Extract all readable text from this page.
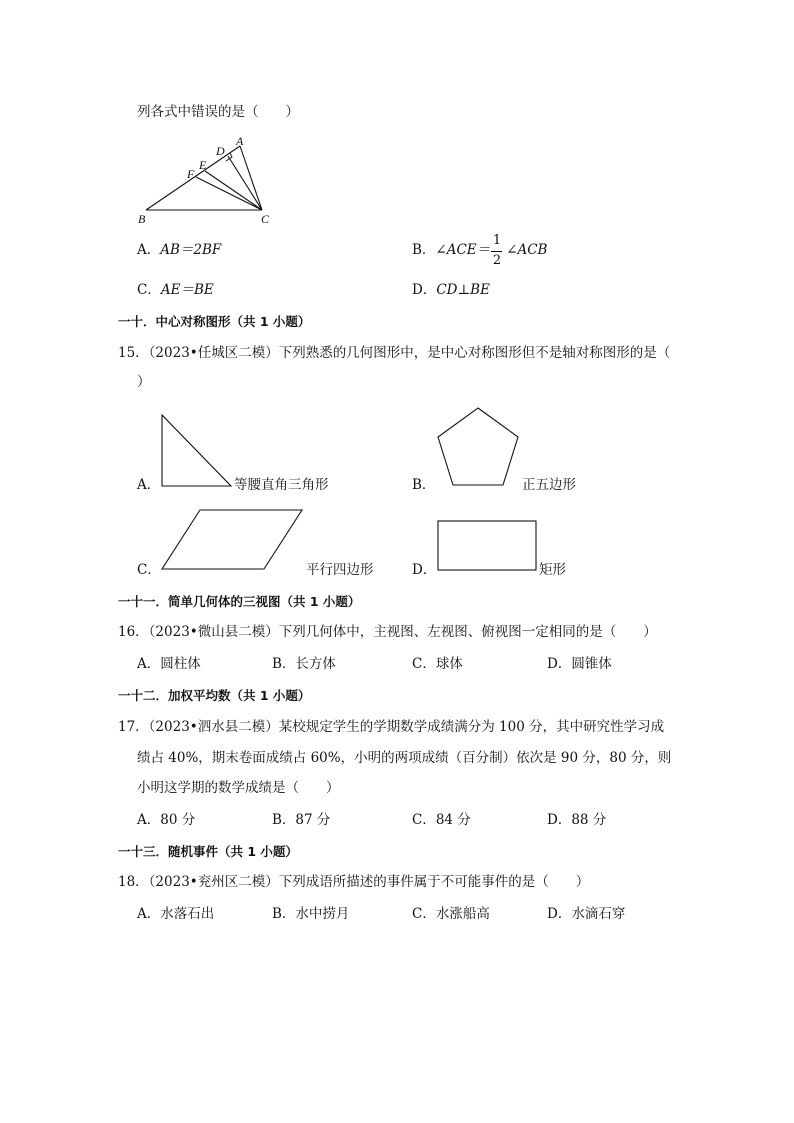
列各式中错误的是（　　）
A
D
E
F
B	C
A．AB＝2BF	B．∠ACE＝ ∠ACB
1
2
C．AE＝BE	D．CD⊥BE
一十．中心对称图形（共 1 小题）
15．（2023•任城区二模）下列熟悉的几何图形中，是中心对称图形但不是轴对称图形的是（
）
A．	等腰直角三角形	B．	正五边形
C．	平行四边形	D．	矩形
一十一．简单几何体的三视图（共 1 小题）
16．（2023•微山县二模）下列几何体中，主视图、左视图、俯视图一定相同的是（　　）
A．圆柱体	B．长方体	C．球体	D．圆锥体
一十二．加权平均数（共 1 小题）
17．（2023•泗水县二模）某校规定学生的学期数学成绩满分为 100 分，其中研究性学习成
绩占 40%，期末卷面成绩占 60%，小明的两项成绩（百分制）依次是 90 分，80 分，则
小明这学期的数学成绩是（　　）
A．80 分	B．87 分	C．84 分	D．88 分
一十三．随机事件（共 1 小题）
18．（2023•兖州区二模）下列成语所描述的事件属于不可能事件的是（　　）
A．水落石出	B．水中捞月	C．水涨船高	D．水滴石穿
